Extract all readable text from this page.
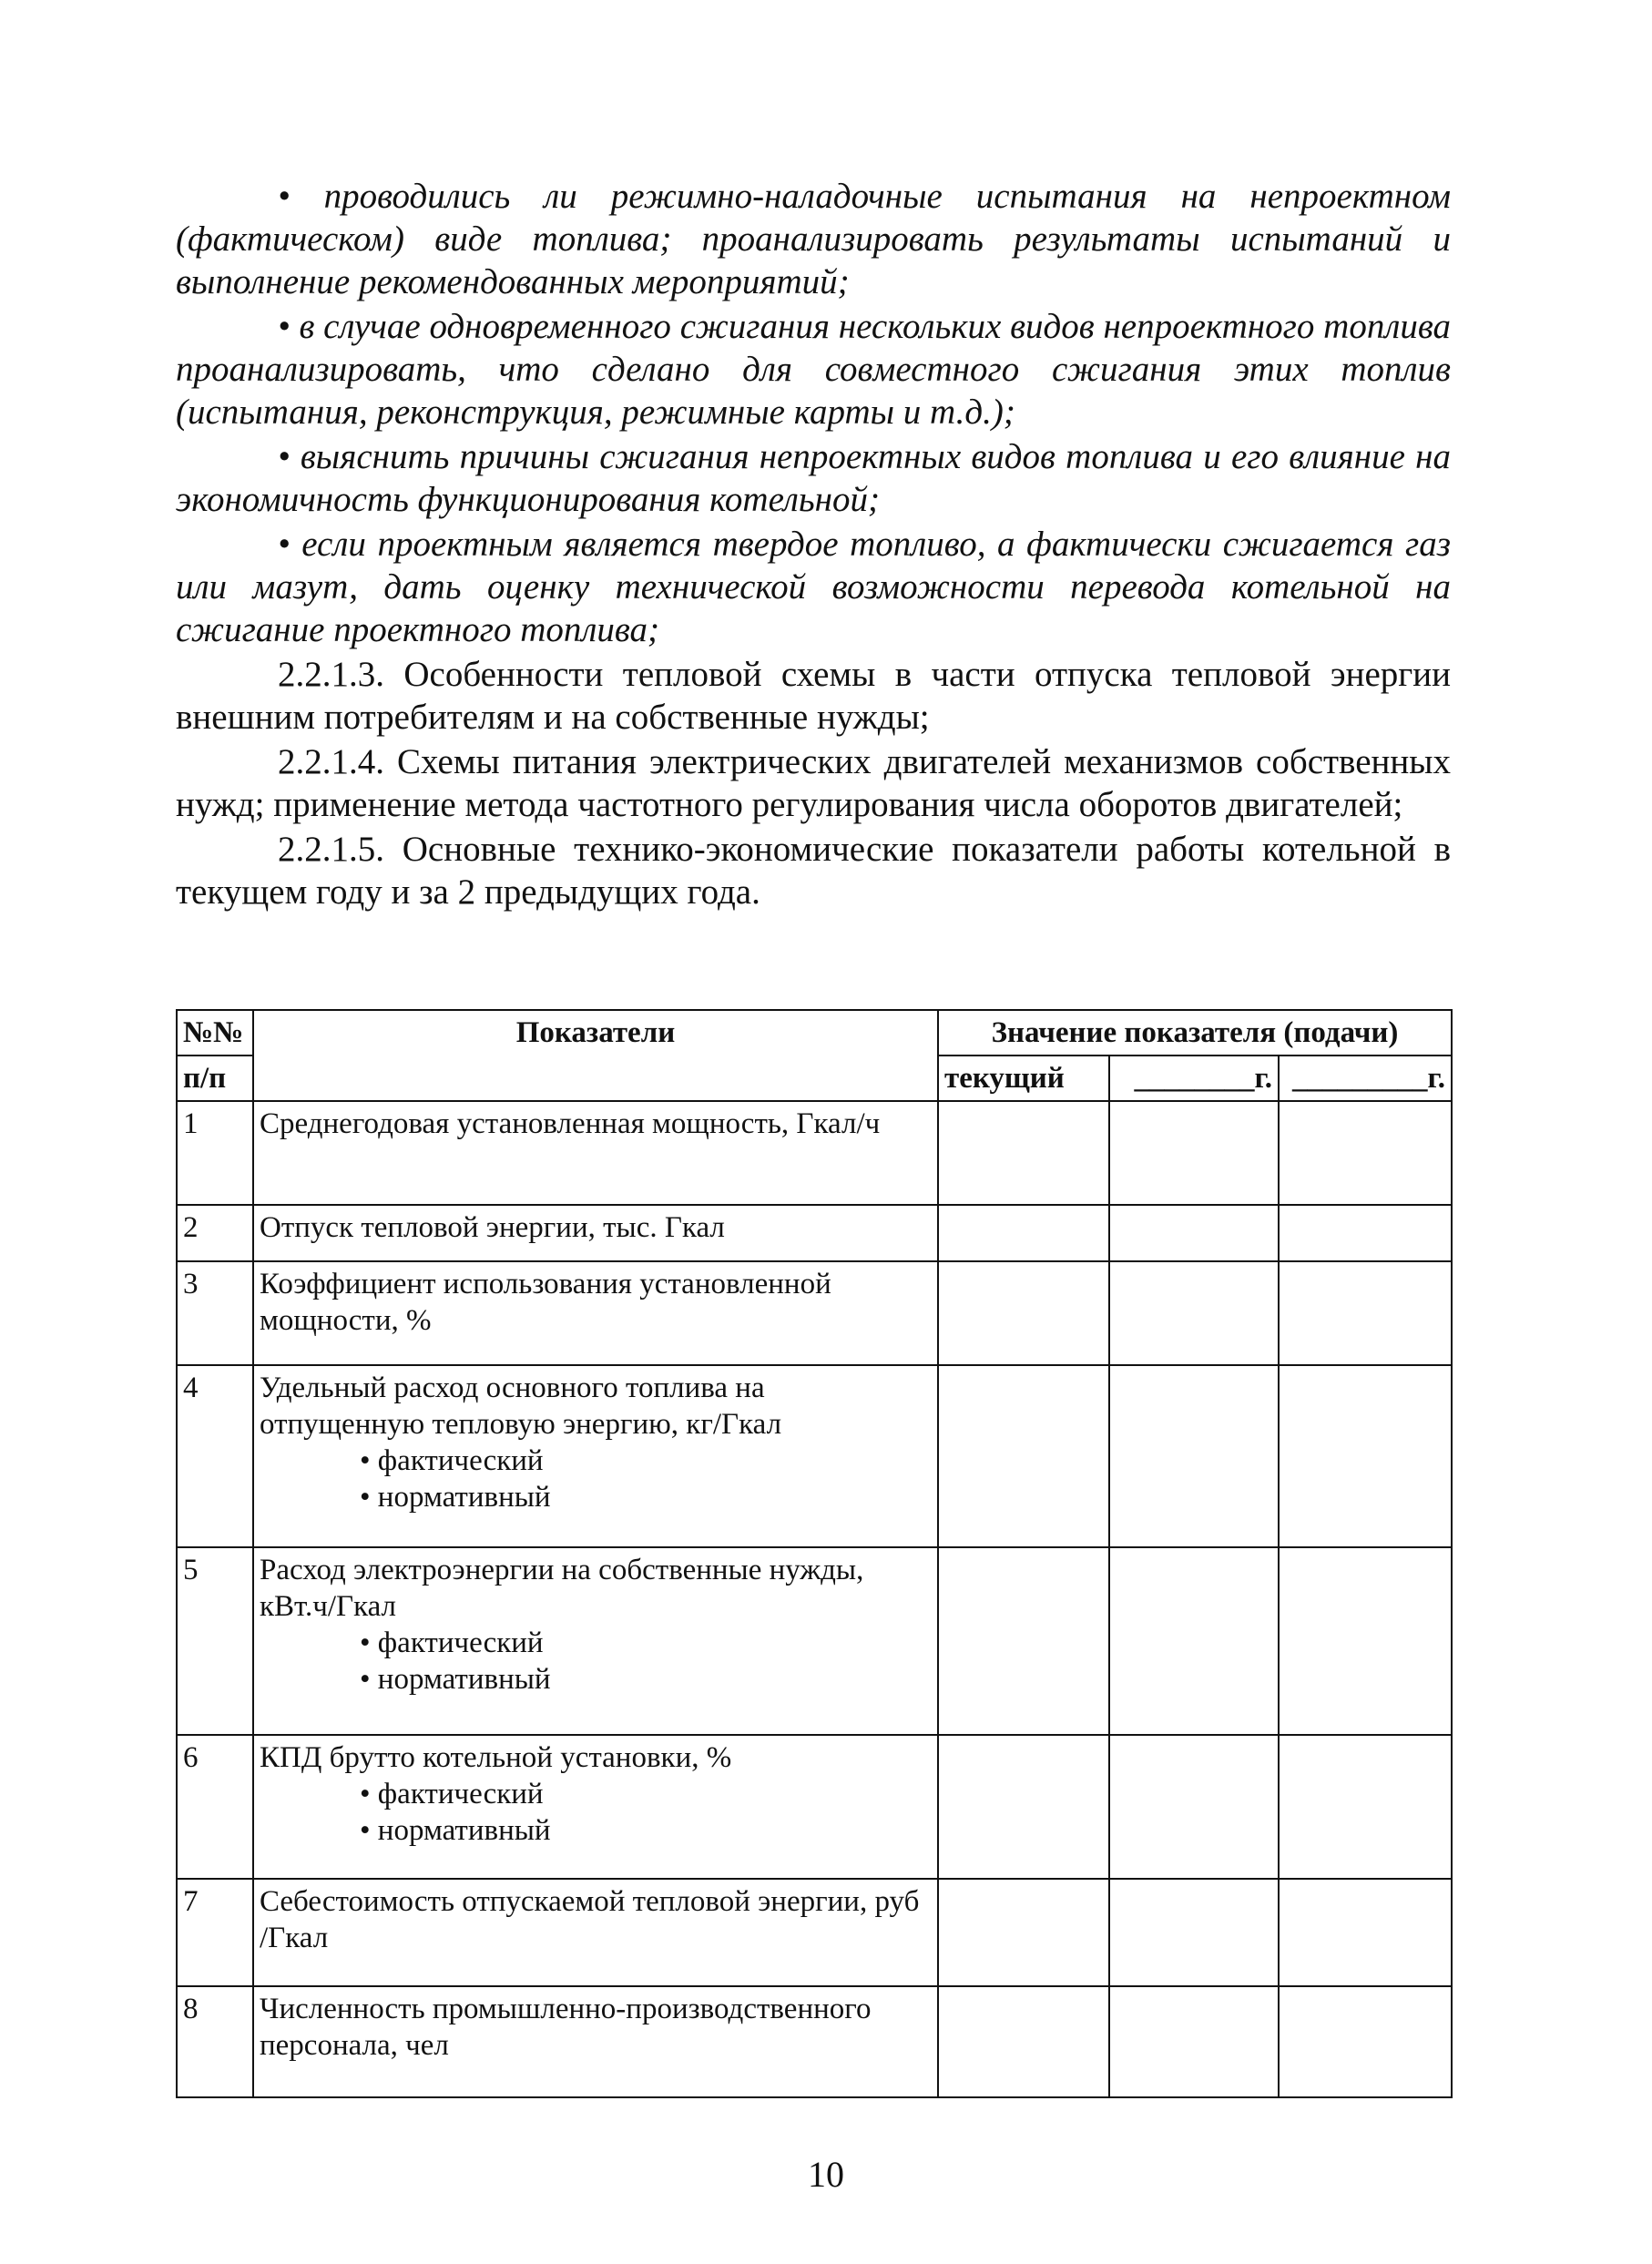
• проводились ли режимно-наладочные испытания на непроектном (фактическом) виде топлива; проанализировать результаты испытаний и выполнение рекомендованных мероприятий;

• в случае одновременного сжигания нескольких видов непроектного топлива проанализировать, что сделано для совместного сжигания этих топлив (испытания, реконструкция, режимные карты и т.д.);

• выяснить причины сжигания непроектных видов топлива и его влияние на экономичность функционирования котельной;

• если проектным является твердое топливо, а фактически сжигается газ или мазут, дать оценку технической возможности перевода котельной на сжигание проектного топлива;

2.2.1.3. Особенности тепловой схемы в части отпуска тепловой энергии внешним потребителям и на собственные нужды;

2.2.1.4. Схемы питания электрических двигателей механизмов собственных нужд; применение метода частотного регулирования числа оборотов двигателей;

2.2.1.5. Основные технико-экономические показатели работы котельной в текущем году и за 2 предыдущих года.

№№	Показатели	Значение показателя (подачи)		
п/п		текущий	________г.	_________г.
1	Среднегодовая установленная мощность, Гкал/ч			
2	Отпуск тепловой энергии, тыс. Гкал			
3	Коэффициент использования установленной мощности, %			
4	Удельный расход основного топлива на отпущенную тепловую энергию, кг/Гкал
• фактический
• нормативный			

5	Расход электроэнергии на собственные нужды, кВт.ч/Гкал
• фактический
• нормативный			

6	КПД брутто котельной установки, %
• фактический
• нормативный			

7	Себестоимость отпускаемой тепловой энергии, руб /Гкал			
8	Численность промышленно-производственного персонала, чел			
10
